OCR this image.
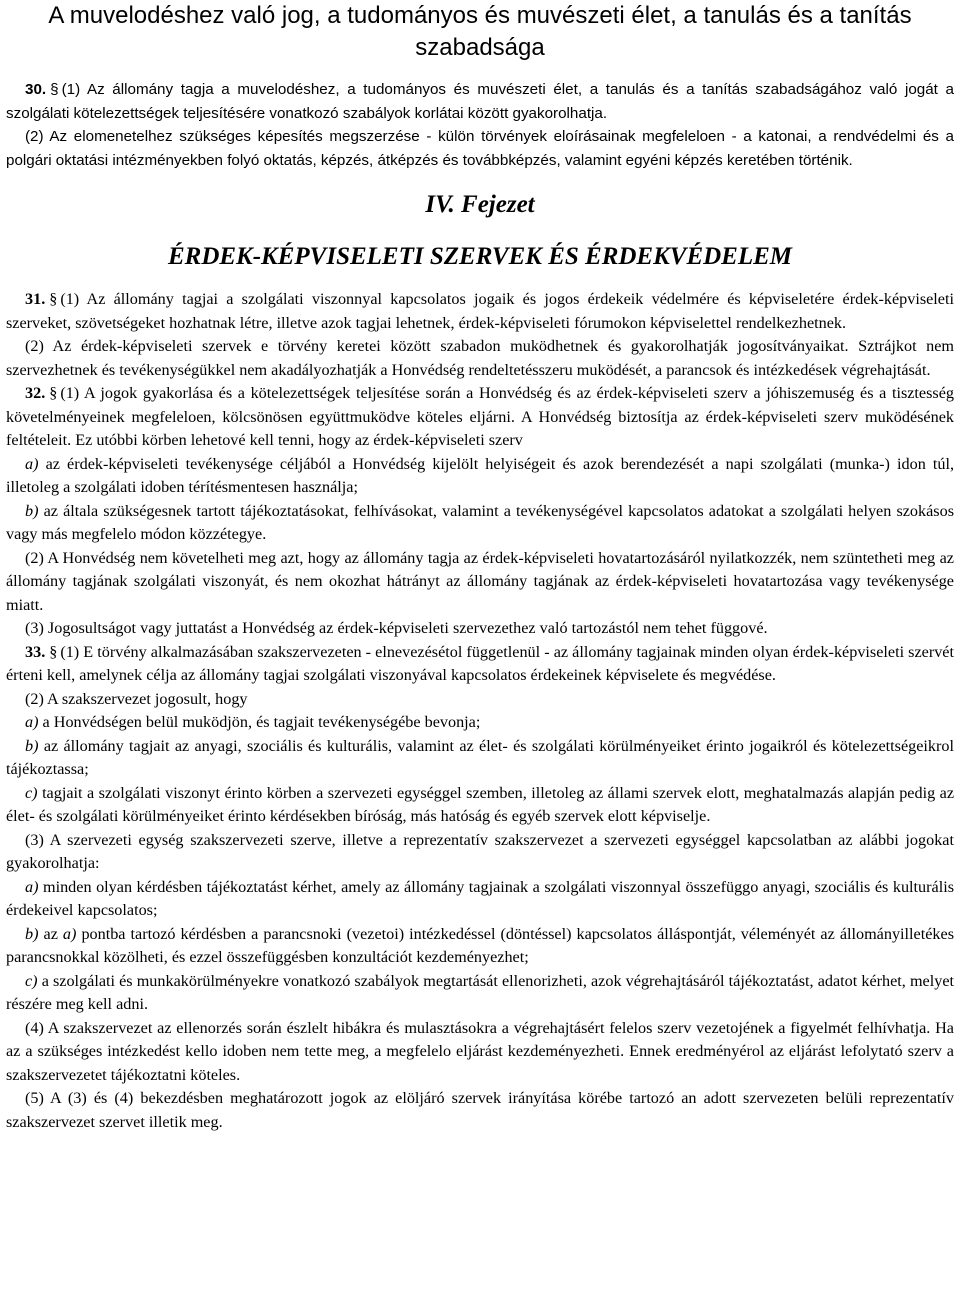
A muvelodéshez való jog, a tudományos és muvészeti élet, a tanulás és a tanítás szabadsága
30. § (1) Az állomány tagja a muvelodéshez, a tudományos és muvészeti élet, a tanulás és a tanítás szabadságához való jogát a szolgálati kötelezettségek teljesítésére vonatkozó szabályok korlátai között gyakorolhatja.
(2) Az elomenetelhez szükséges képesítés megszerzése - külön törvények eloírásainak megfeleloen - a katonai, a rendvédelmi és a polgári oktatási intézményekben folyó oktatás, képzés, átképzés és továbbképzés, valamint egyéni képzés keretében történik.
IV. Fejezet
ÉRDEK-KÉPVISELETI SZERVEK ÉS ÉRDEKVÉDELEM
31. § (1) Az állomány tagjai a szolgálati viszonnyal kapcsolatos jogaik és jogos érdekeik védelmére és képviseletére érdek-képviseleti szerveket, szövetségeket hozhatnak létre, illetve azok tagjai lehetnek, érdek-képviseleti fórumokon képviselettel rendelkezhetnek.
(2) Az érdek-képviseleti szervek e törvény keretei között szabadon muködhetnek és gyakorolhatják jogosítványaikat. Sztrájkot nem szervezhetnek és tevékenységükkel nem akadályozhatják a Honvédség rendeltetésszeru muködését, a parancsok és intézkedések végrehajtását.
32. § (1) A jogok gyakorlása és a kötelezettségek teljesítése során a Honvédség és az érdek-képviseleti szerv a jóhiszemuség és a tisztesség követelményeinek megfeleloen, kölcsönösen együttmuködve köteles eljárni. A Honvédség biztosítja az érdek-képviseleti szerv muködésének feltételeit. Ez utóbbi körben lehetové kell tenni, hogy az érdek-képviseleti szerv
a) az érdek-képviseleti tevékenysége céljából a Honvédség kijelölt helyiségeit és azok berendezését a napi szolgálati (munka-) idon túl, illetoleg a szolgálati idoben térítésmentesen használja;
b) az általa szükségesnek tartott tájékoztatásokat, felhívásokat, valamint a tevékenységével kapcsolatos adatokat a szolgálati helyen szokásos vagy más megfelelo módon közzétegye.
(2) A Honvédség nem követelheti meg azt, hogy az állomány tagja az érdek-képviseleti hovatartozásáról nyilatkozzék, nem szüntetheti meg az állomány tagjának szolgálati viszonyát, és nem okozhat hátrányt az állomány tagjának az érdek-képviseleti hovatartozása vagy tevékenysége miatt.
(3) Jogosultságot vagy juttatást a Honvédség az érdek-képviseleti szervezethez való tartozástól nem tehet függové.
33. § (1) E törvény alkalmazásában szakszervezeten - elnevezésétol függetlenül - az állomány tagjainak minden olyan érdek-képviseleti szervét érteni kell, amelynek célja az állomány tagjai szolgálati viszonyával kapcsolatos érdekeinek képviselete és megvédése.
(2) A szakszervezet jogosult, hogy
a) a Honvédségen belül muködjön, és tagjait tevékenységébe bevonja;
b) az állomány tagjait az anyagi, szociális és kulturális, valamint az élet- és szolgálati körülményeiket érinto jogaikról és kötelezettségeikrol tájékoztassa;
c) tagjait a szolgálati viszonyt érinto körben a szervezeti egységgel szemben, illetoleg az állami szervek elott, meghatalmazás alapján pedig az élet- és szolgálati körülményeiket érinto kérdésekben bíróság, más hatóság és egyéb szervek elott képviselje.
(3) A szervezeti egység szakszervezeti szerve, illetve a reprezentatív szakszervezet a szervezeti egységgel kapcsolatban az alábbi jogokat gyakorolhatja:
a) minden olyan kérdésben tájékoztatást kérhet, amely az állomány tagjainak a szolgálati viszonnyal összefüggo anyagi, szociális és kulturális érdekeivel kapcsolatos;
b) az a) pontba tartozó kérdésben a parancsnoki (vezetoi) intézkedéssel (döntéssel) kapcsolatos álláspontját, véleményét az állományilletékes parancsnokkal közölheti, és ezzel összefüggésben konzultációt kezdeményezhet;
c) a szolgálati és munkakörülményekre vonatkozó szabályok megtartását ellenorizheti, azok végrehajtásáról tájékoztatást, adatot kérhet, melyet részére meg kell adni.
(4) A szakszervezet az ellenorzés során észlelt hibákra és mulasztásokra a végrehajtásért felelos szerv vezetojének a figyelmét felhívhatja. Ha az a szükséges intézkedést kello idoben nem tette meg, a megfelelo eljárást kezdeményezheti. Ennek eredményérol az eljárást lefolytató szerv a szakszervezetet tájékoztatni köteles.
(5) A (3) és (4) bekezdésben meghatározott jogok az elöljáró szervek irányítása körébe tartozó an adott szervezeten belüli reprezentatív szakszervezet szervet illetik meg.
